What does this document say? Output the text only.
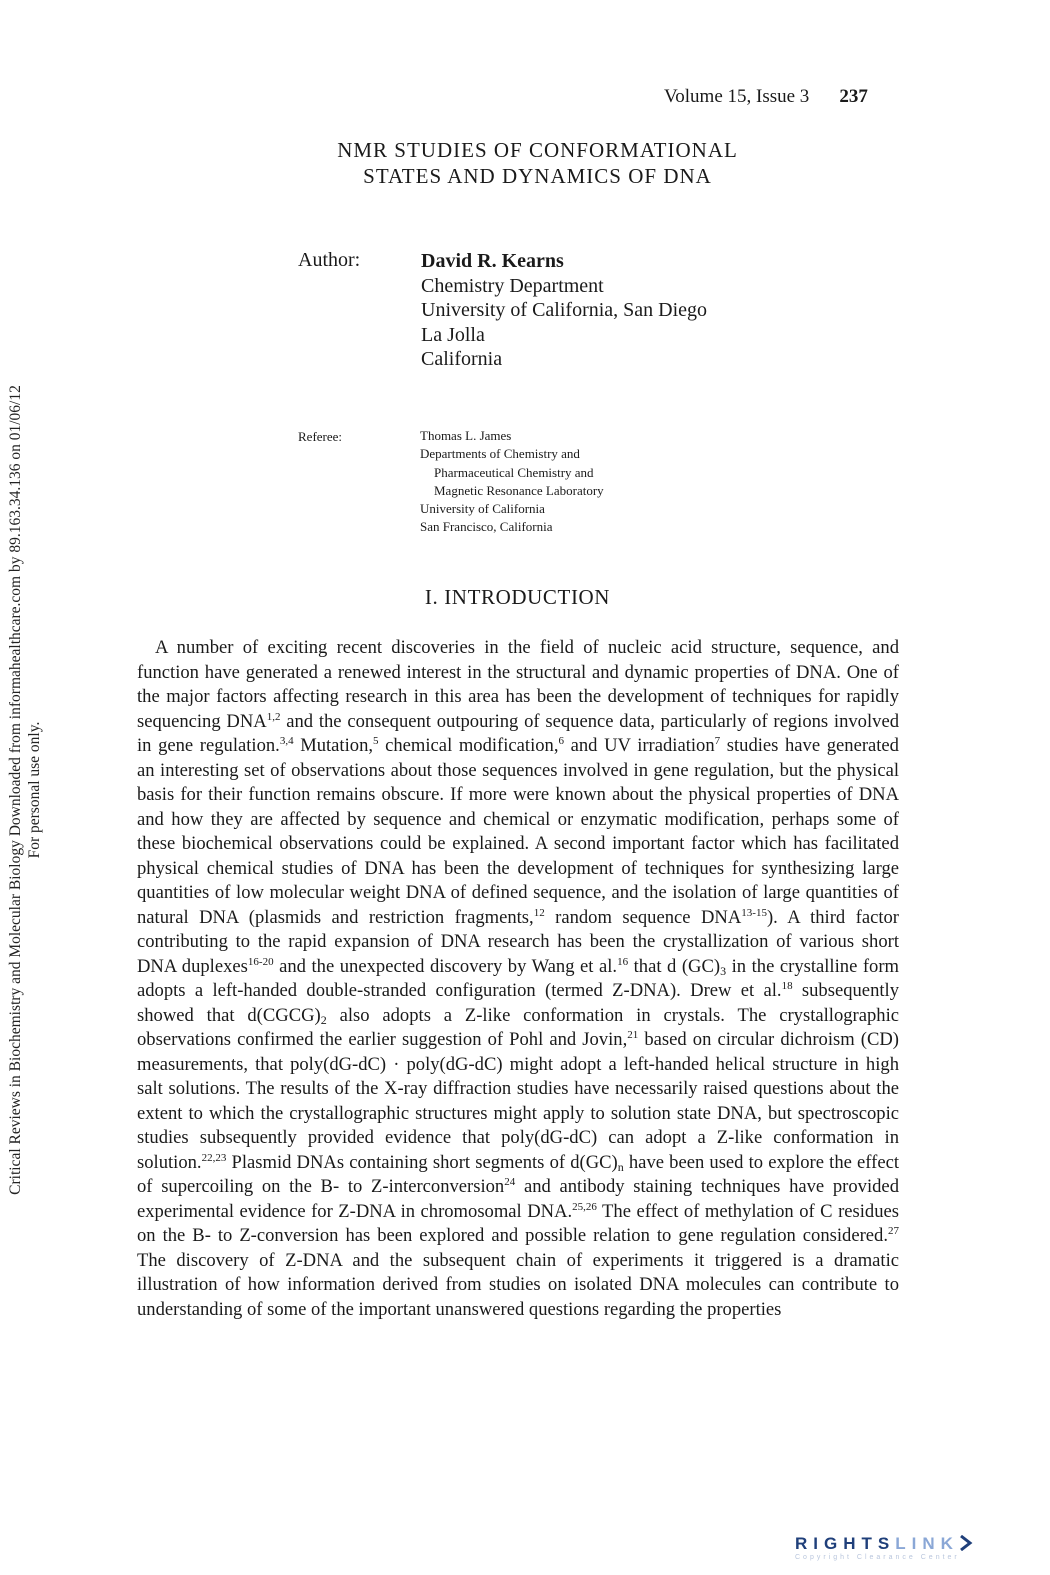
Volume 15, Issue 3 237
NMR STUDIES OF CONFORMATIONAL
STATES AND DYNAMICS OF DNA
Author:	David R. Kearns
Chemistry Department
University of California, San Diego
La Jolla
California
Referee:	Thomas L. James
Departments of Chemistry and
Pharmaceutical Chemistry and
Magnetic Resonance Laboratory
University of California
San Francisco, California
I. INTRODUCTION

A number of exciting recent discoveries in the field of nucleic acid structure, sequence, and function have generated a renewed interest in the structural and dynamic properties of DNA. One of the major factors affecting research in this area has been the development of techniques for rapidly sequencing DNA$^{1,2}$ and the consequent outpouring of sequence data, particularly of regions involved in gene regulation.$^{3,4}$ Mutation,$^5$ chemical modification,$^6$ and UV irradiation$^7$ studies have generated an interesting set of observations about those sequences involved in gene regulation, but the physical basis for their function remains obscure. If more were known about the physical properties of DNA and how they are affected by sequence and chemical or enzymatic modification, perhaps some of these biochemical observations could be explained. A second important factor which has facilitated physical chemical studies of DNA has been the development of techniques for synthesizing large quantities of low molecular weight DNA of defined sequence, and the isolation of large quantities of natural DNA (plasmids and restriction fragments,$^{12}$ random sequence DNA$^{13-15}$). A third factor contributing to the rapid expansion of DNA research has been the crystallization of various short DNA duplexes$^{16-20}$ and the unexpected discovery by Wang et al.$^{16}$ that d $(GC)_3$ in the crystalline form adopts a left-handed double-stranded configuration (termed Z-DNA). Drew et al.$^{18}$ subsequently showed that $d(CGCG)_2$ also adopts a Z-like conformation in crystals. The crystallographic observations confirmed the earlier suggestion of Pohl and Jovin,$^{21}$ based on circular dichroism (CD) measurements, that poly(dG-dC) · poly(dG-dC) might adopt a left-handed helical structure in high salt solutions. The results of the X-ray diffraction studies have necessarily raised questions about the extent to which the crystallographic structures might apply to solution state DNA, but spectroscopic studies subsequently provided evidence that poly(dG-dC) can adopt a Z-like conformation in solution.$^{22,23}$ Plasmid DNAs containing short segments of $d(GC)_n$ have been used to explore the effect of supercoiling on the B- to Z-interconversion$^{24}$ and antibody staining techniques have provided experimental evidence for Z-DNA in chromosomal DNA.$^{25,26}$ The effect of methylation of C residues on the B- to Z-conversion has been explored and possible relation to gene regulation considered.$^{27}$ The discovery of Z-DNA and the subsequent chain of experiments it triggered is a dramatic illustration of how information derived from studies on isolated DNA molecules can contribute to understanding of some of the important unanswered questions regarding the properties

Critical Reviews in Biochemistry and Molecular Biology Downloaded from informahealthcare.com by 89.163.34.136 on 01/06/12 For personal use only.
RIGHTSLINK
Copyright Clearance Center
